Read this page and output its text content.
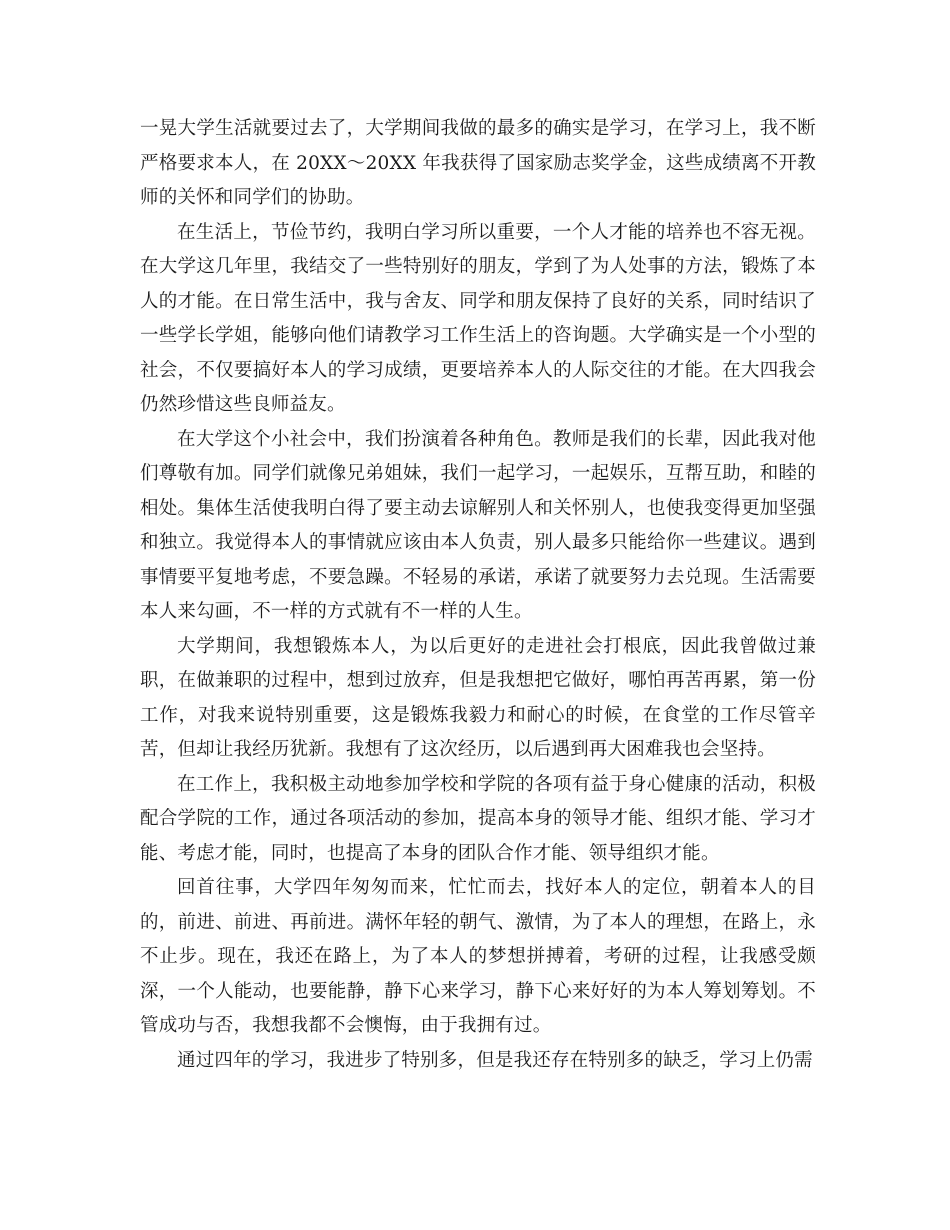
一晃大学生活就要过去了，大学期间我做的最多的确实是学习，在学习上，我不断严格要求本人，在 20XX～20XX 年我获得了国家励志奖学金，这些成绩离不开教师的关怀和同学们的协助。

在生活上，节俭节约，我明白学习所以重要，一个人才能的培养也不容无视。在大学这几年里，我结交了一些特别好的朋友，学到了为人处事的方法，锻炼了本人的才能。在日常生活中，我与舍友、同学和朋友保持了良好的关系，同时结识了一些学长学姐，能够向他们请教学习工作生活上的咨询题。大学确实是一个小型的社会，不仅要搞好本人的学习成绩，更要培养本人的人际交往的才能。在大四我会仍然珍惜这些良师益友。

在大学这个小社会中，我们扮演着各种角色。教师是我们的长辈，因此我对他们尊敬有加。同学们就像兄弟姐妹，我们一起学习，一起娱乐，互帮互助，和睦的相处。集体生活使我明白得了要主动去谅解别人和关怀别人，也使我变得更加坚强和独立。我觉得本人的事情就应该由本人负责，别人最多只能给你一些建议。遇到事情要平复地考虑，不要急躁。不轻易的承诺，承诺了就要努力去兑现。生活需要本人来勾画，不一样的方式就有不一样的人生。

大学期间，我想锻炼本人，为以后更好的走进社会打根底，因此我曾做过兼职，在做兼职的过程中，想到过放弃，但是我想把它做好，哪怕再苦再累，第一份工作，对我来说特别重要，这是锻炼我毅力和耐心的时候，在食堂的工作尽管辛苦，但却让我经历犹新。我想有了这次经历，以后遇到再大困难我也会坚持。

在工作上，我积极主动地参加学校和学院的各项有益于身心健康的活动，积极配合学院的工作，通过各项活动的参加，提高本身的领导才能、组织才能、学习才能、考虑才能，同时，也提高了本身的团队合作才能、领导组织才能。

回首往事，大学四年匆匆而来，忙忙而去，找好本人的定位，朝着本人的目的，前进、前进、再前进。满怀年轻的朝气、激情，为了本人的理想，在路上，永不止步。现在，我还在路上，为了本人的梦想拼搏着，考研的过程，让我感受颇深，一个人能动，也要能静，静下心来学习，静下心来好好的为本人筹划筹划。不管成功与否，我想我都不会懊悔，由于我拥有过。

通过四年的学习，我进步了特别多，但是我还存在特别多的缺乏，学习上仍需
